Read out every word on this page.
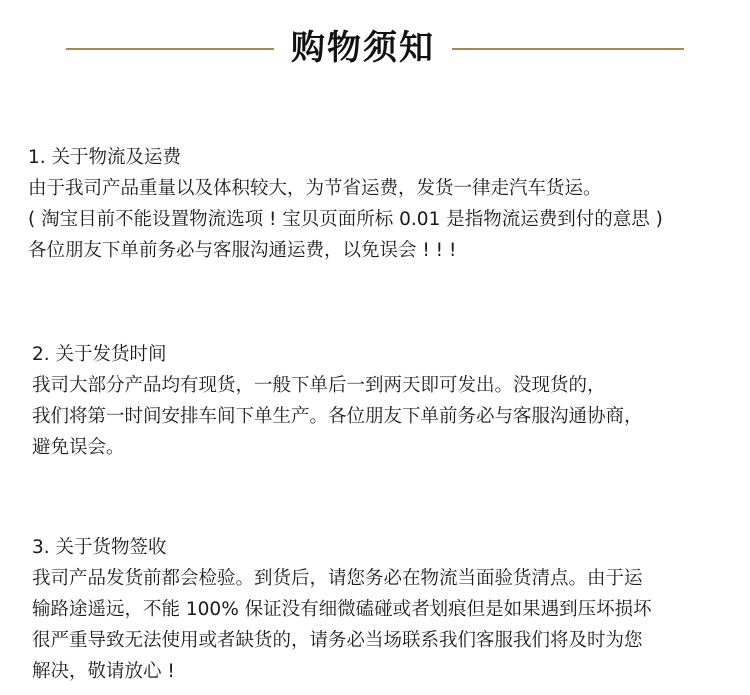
购物须知
1. 关于物流及运费
由于我司产品重量以及体积较大，为节省运费，发货一律走汽车货运。
( 淘宝目前不能设置物流选项 ! 宝贝页面所标 0.01 是指物流运费到付的意思 )
各位朋友下单前务必与客服沟通运费，以免误会 ! ! !
2. 关于发货时间
我司大部分产品均有现货，一般下单后一到两天即可发出。没现货的，
我们将第一时间安排车间下单生产。各位朋友下单前务必与客服沟通协商，
避免误会。
3. 关于货物签收
我司产品发货前都会检验。到货后，请您务必在物流当面验货清点。由于运
输路途遥远，不能 100% 保证没有细微磕碰或者划痕但是如果遇到压坏损坏
很严重导致无法使用或者缺货的，请务必当场联系我们客服我们将及时为您
解决，敬请放心 !
